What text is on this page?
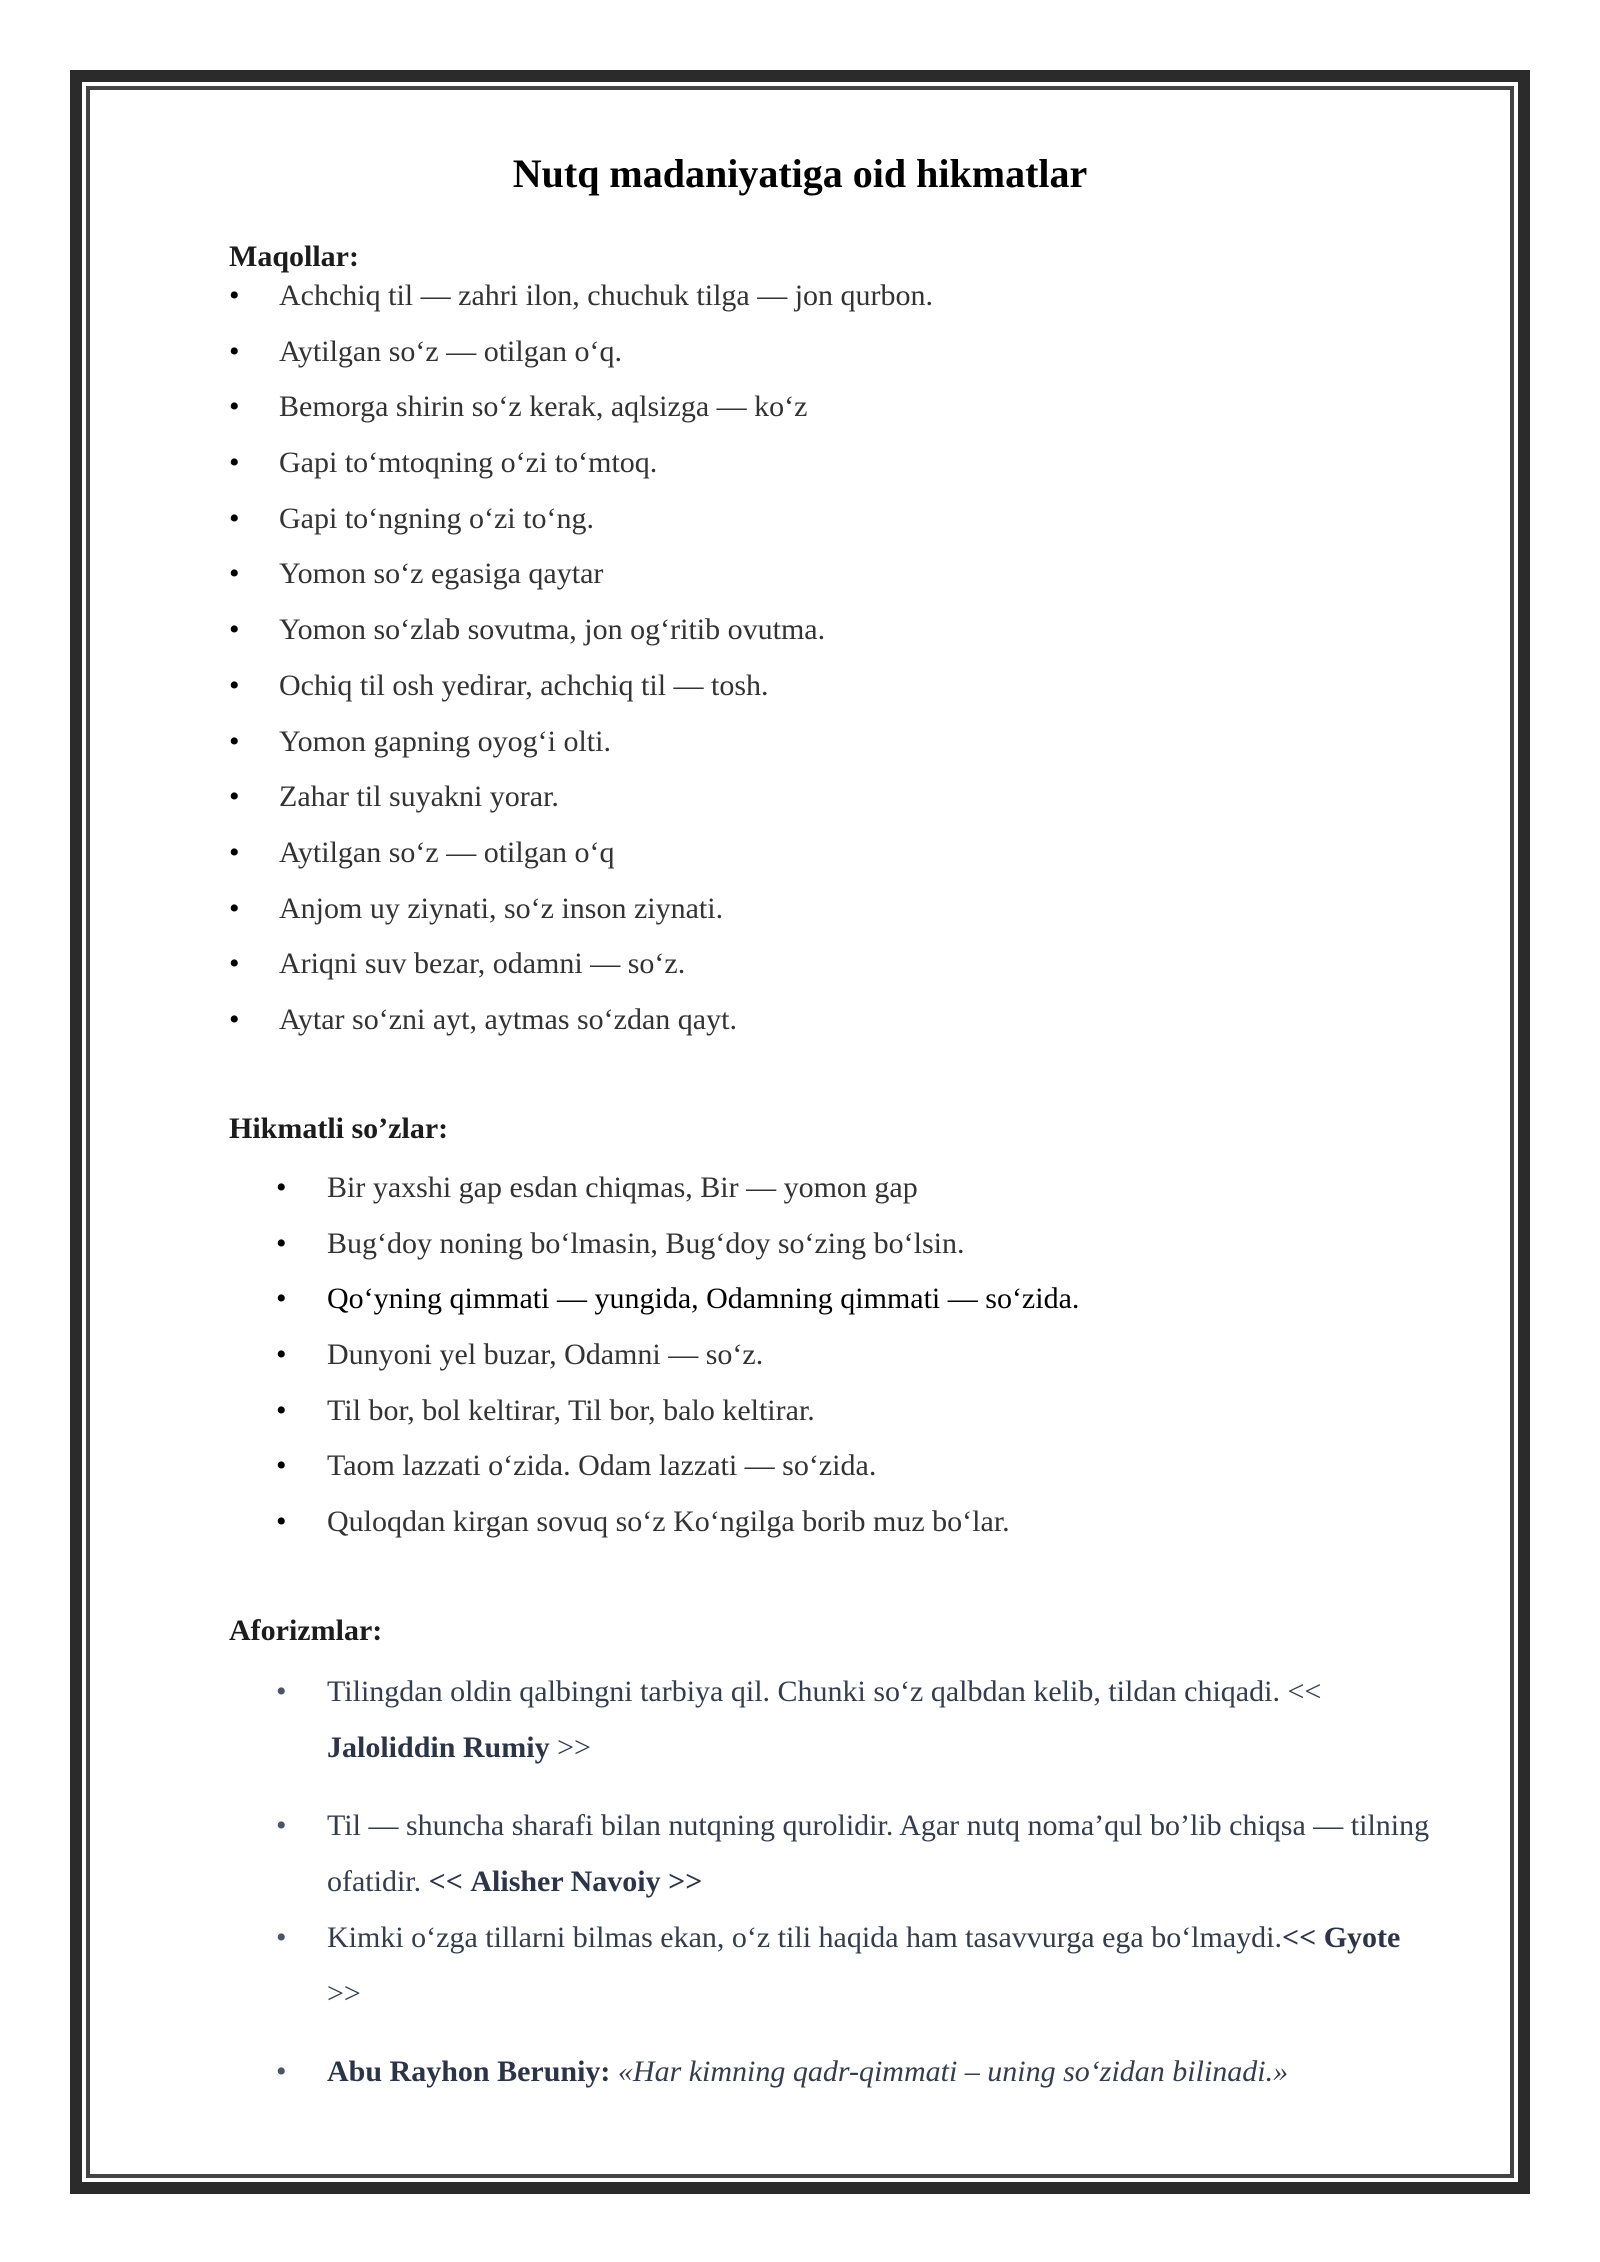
Nutq madaniyatiga oid hikmatlar
Maqollar:
• Achchiq til — zahri ilon, chuchuk tilga — jon qurbon.
• Aytilgan so‘z — otilgan o‘q.
• Bemorga shirin so‘z kerak, aqlsizga — ko‘z
• Gapi to‘mtoqning o‘zi to‘mtoq.
• Gapi to‘ngning o‘zi to‘ng.
• Yomon so‘z egasiga qaytar
• Yomon so‘zlab sovutma, jon og‘ritib ovutma.
• Ochiq til osh yedirar, achchiq til — tosh.
• Yomon gapning oyog‘i olti.
• Zahar til suyakni yorar.
• Aytilgan so‘z — otilgan o‘q
• Anjom uy ziynati, so‘z inson ziynati.
• Ariqni suv bezar, odamni — so‘z.
• Aytar so‘zni ayt, aytmas so‘zdan qayt.
Hikmatli so’zlar:
• Bir yaxshi gap esdan chiqmas, Bir — yomon gap
• Bug‘doy noning bo‘lmasin, Bug‘doy so‘zing bo‘lsin.
• Qo‘yning qimmati — yungida, Odamning qimmati — so‘zida.
• Dunyoni yel buzar, Odamni — so‘z.
• Til bor, bol keltirar, Til bor, balo keltirar.
• Taom lazzati o‘zida. Odam lazzati — so‘zida.
• Quloqdan kirgan sovuq so‘z Ko‘ngilga borib muz bo‘lar.
Aforizmlar:
• Tilingdan oldin qalbingni tarbiya qil. Chunki so‘z qalbdan kelib, tildan chiqadi. <<
Jaloliddin Rumiy >>
• Til — shuncha sharafi bilan nutqning qurolidir. Agar nutq noma’qul bo’lib chiqsa — tilning ofatidir. << Alisher Navoiy >>
• Kimki o‘zga tillarni bilmas ekan, o‘z tili haqida ham tasavvurga ega bo‘lmaydi.<< Gyote
>>
• Abu Rayhon Beruniy: «Har kimning qadr-qimmati – uning so‘zidan bilinadi.»
